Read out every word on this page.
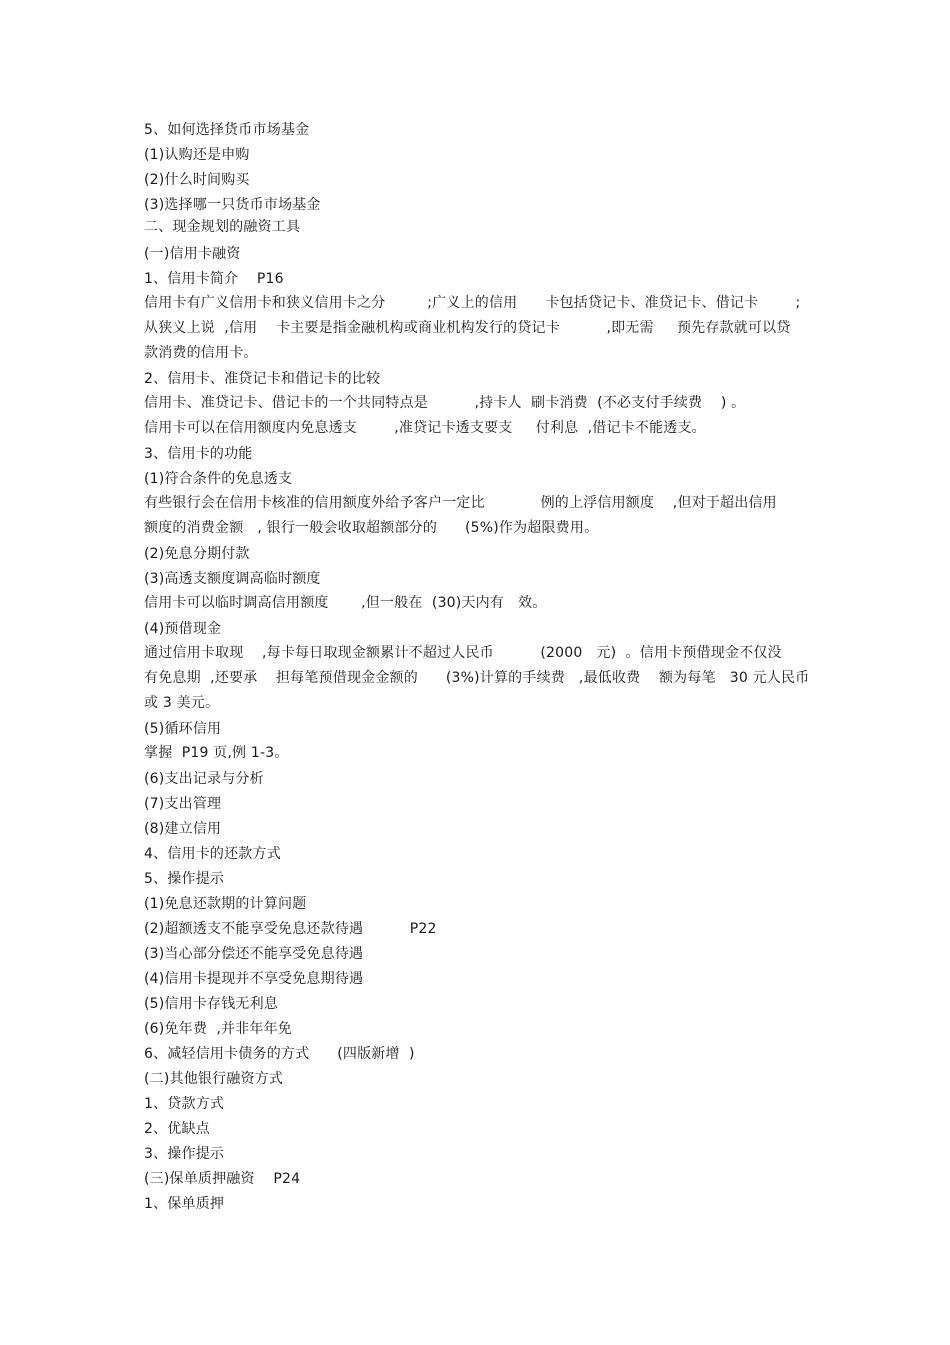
5、如何选择货币市场基金
(1)认购还是申购
(2)什么时间购买
(3)选择哪一只货币市场基金
二、现金规划的融资工具
(一)信用卡融资
1、信用卡简介    P16
信用卡有广义信用卡和狭义信用卡之分         ;广义上的信用      卡包括贷记卡、准贷记卡、借记卡        ;
从狭义上说  ,信用    卡主要是指金融机构或商业机构发行的贷记卡          ,即无需     预先存款就可以贷
款消费的信用卡。
2、信用卡、准贷记卡和借记卡的比较
信用卡、准贷记卡、借记卡的一个共同特点是          ,持卡人  刷卡消费  (不必支付手续费    ) 。
信用卡可以在信用额度内免息透支        ,准贷记卡透支要支     付利息  ,借记卡不能透支。
3、信用卡的功能
(1)符合条件的免息透支
有些银行会在信用卡核准的信用额度外给予客户一定比            例的上浮信用额度    ,但对于超出信用
额度的消费金额   , 银行一般会收取超额部分的      (5%)作为超限费用。
(2)免息分期付款
(3)高透支额度调高临时额度
信用卡可以临时调高信用额度       ,但一般在  (30)天内有   效。
(4)预借现金
通过信用卡取现    ,每卡每日取现金额累计不超过人民币          (2000   元)  。信用卡预借现金不仅没
有免息期  ,还要承    担每笔预借现金金额的      (3%)计算的手续费   ,最低收费    额为每笔   30 元人民币
或 3 美元。
(5)循环信用
掌握  P19 页,例 1-3。
(6)支出记录与分析
(7)支出管理
(8)建立信用
4、信用卡的还款方式
5、操作提示
(1)免息还款期的计算问题
(2)超额透支不能享受免息还款待遇          P22
(3)当心部分偿还不能享受免息待遇
(4)信用卡提现并不享受免息期待遇
(5)信用卡存钱无利息
(6)免年费  ,并非年年免
6、减轻信用卡债务的方式      (四版新增  )
(二)其他银行融资方式
1、贷款方式
2、优缺点
3、操作提示
(三)保单质押融资    P24
1、保单质押
